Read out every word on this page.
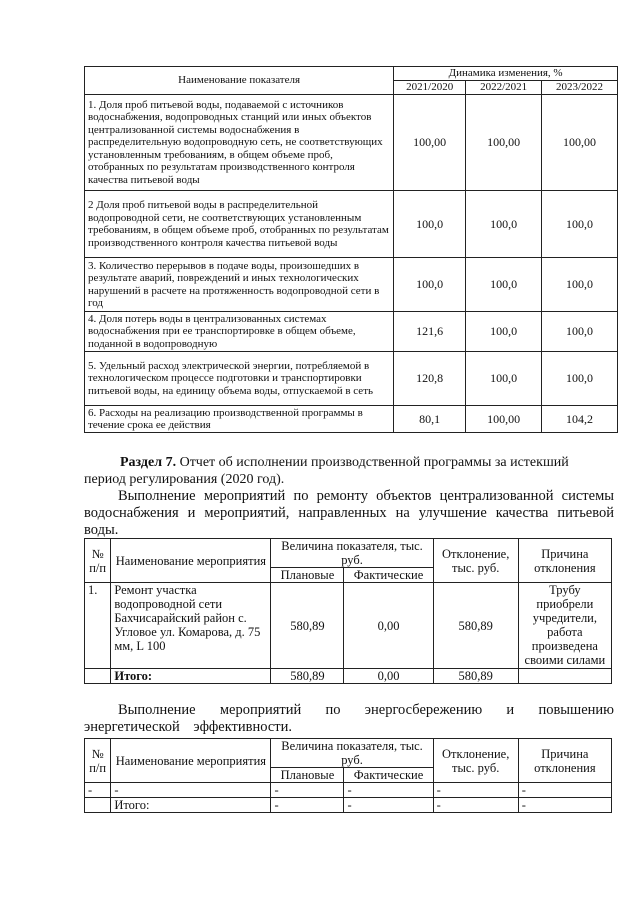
Наименование показателя	Динамика изменения, %		
	2021/2020	2022/2021	2023/2022
1. Доля проб питьевой воды, подаваемой с источников водоснабжения, водопроводных станций или иных объектов централизованной системы водоснабжения в распределительную водопроводную сеть, не соответствующих установленным требованиям, в общем объеме проб, отобранных по результатам производственного контроля качества питьевой воды	100,00	100,00	100,00
2 Доля проб питьевой воды в распределительной водопроводной сети, не соответствующих установленным требованиям, в общем объеме проб, отобранных по результатам производственного контроля качества питьевой воды	100,0	100,0	100,0
3. Количество перерывов в подаче воды, произошедших в результате аварий, повреждений и иных технологических нарушений в расчете на протяженность водопроводной сети в год	100,0	100,0	100,0
4. Доля потерь воды в централизованных системах водоснабжения при ее транспортировке в общем объеме, поданной в водопроводную	121,6	100,0	100,0
5. Удельный расход электрической энергии, потребляемой в технологическом процессе подготовки и транспортировки питьевой воды, на единицу объема воды, отпускаемой в сеть	120,8	100,0	100,0
6. Расходы на реализацию производственной программы в течение срока ее действия	80,1	100,00	104,2
Раздел 7. Отчет об исполнении производственной программы за истекший период регулирования (2020 год).
Выполнение мероприятий по ремонту объектов централизованной системы водоснабжения и мероприятий, направленных на улучшение качества питьевой воды.
№ п/п	Наименование мероприятия	Величина показателя, тыс. руб.		Отклонение, тыс. руб.	Причина отклонения
		Плановые	Фактические		
1.	Ремонт участка водопроводной сети Бахчисарайский район с. Угловое ул. Комарова, д. 75 мм, L 100	580,89	0,00	580,89	Трубу приобрели учредители, работа произведена своими силами
	Итого:	580,89	0,00	580,89	
Выполнение мероприятий по энергосбережению и повышению энергетической эффективности.
№ п/п	Наименование мероприятия	Величина показателя, тыс. руб.		Отклонение, тыс. руб.	Причина отклонения
		Плановые	Фактические		
-	-	-	-	-	-
	Итого:	-	-	-	-
